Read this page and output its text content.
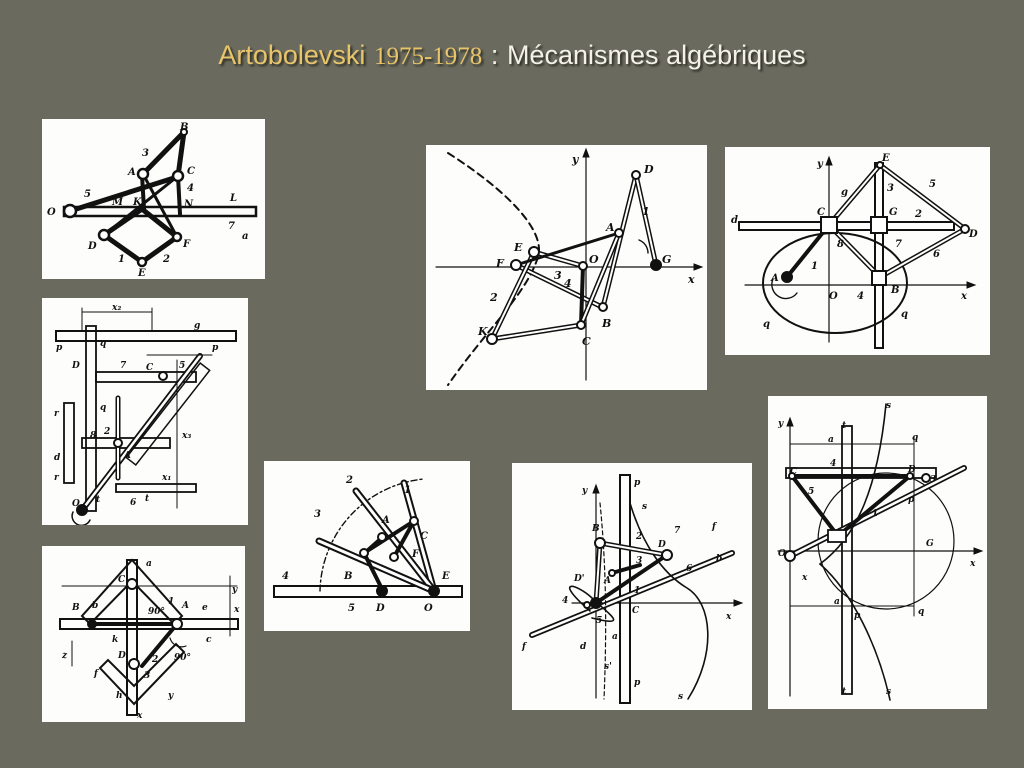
Artobolevski 1975-1978 : Mécanismes algébriques
B
3
A	C
4
5
M K	N
L
O
D
1
E
2
F
7
a
x₂
g
p	p
q
q
D	7 C	5
r
d
r
8 2
A
x₃
x₁
O t	6 t
C
a
y
B b	1 A e	x
k	c
z
90°
90°
f
D	2
3
h	y
x
y
D
1
A
E
F
3
4
O	G
x
2
K
B
C
2
1
3
A
C
F
4	B	E
5 D	O
y
E
3	5
d
C
g
G 2
D
A
1
8	7
6
O	x
4
B
q
q
y
p
s
B
2
7	f
D
6
b
3
A
1
C
D'
4
5	x
d
a
f
s'
p
s
y	t
s
a	q
4
C	B
3
5
p
1
O
G
x
x
a
q
p
t	s
